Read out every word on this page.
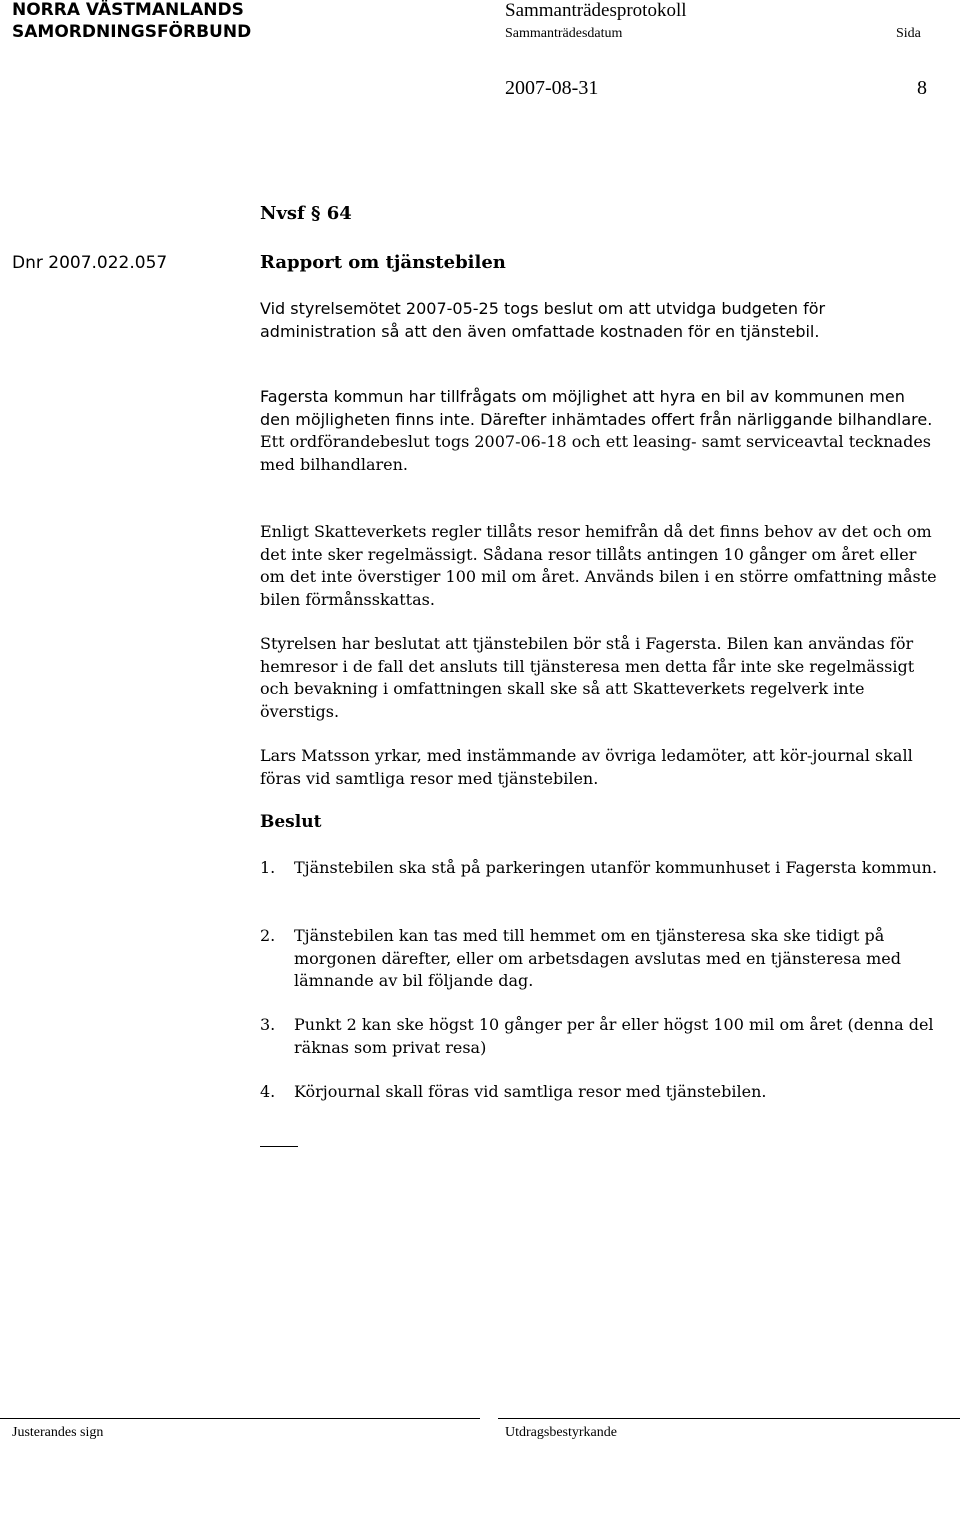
NORRA VÄSTMANLANDS
SAMORDNINGSFÖRBUND
Sammanträdesprotokoll
Sammanträdesdatum	Sida
2007-08-31	8
Nvsf § 64
Dnr 2007.022.057	Rapport om tjänstebilen
Vid styrelsemötet 2007-05-25 togs beslut om att utvidga budgeten för administration så att den även omfattade kostnaden för en tjänstebil.
Fagersta kommun har tillfrågats om möjlighet att hyra en bil av kommunen men den möjligheten finns inte. Därefter inhämtades offert från närliggande bilhandlare. Ett ordförandebeslut togs 2007-06-18 och ett leasing- samt serviceavtal tecknades med bilhandlaren.
Enligt Skatteverkets regler tillåts resor hemifrån då det finns behov av det och om det inte sker regelmässigt. Sådana resor tillåts antingen 10 gånger om året eller om det inte överstiger 100 mil om året. Används bilen i en större omfattning måste bilen förmånsskattas.
Styrelsen har beslutat att tjänstebilen bör stå i Fagersta. Bilen kan användas för hemresor i de fall det ansluts till tjänsteresa men detta får inte ske regelmässigt och bevakning i omfattningen skall ske så att Skatteverkets regelverk inte överstigs.
Lars Matsson yrkar, med instämmande av övriga ledamöter, att kör-journal skall föras vid samtliga resor med tjänstebilen.
Beslut
1. Tjänstebilen ska stå på parkeringen utanför kommunhuset i Fagersta kommun.
2. Tjänstebilen kan tas med till hemmet om en tjänsteresa ska ske tidigt på morgonen därefter, eller om arbetsdagen avslutas med en tjänsteresa med lämnande av bil följande dag.
3. Punkt 2 kan ske högst 10 gånger per år eller högst 100 mil om året (denna del räknas som privat resa)
4. Körjournal skall föras vid samtliga resor med tjänstebilen.
Justerandes sign	Utdragsbestyrkande
